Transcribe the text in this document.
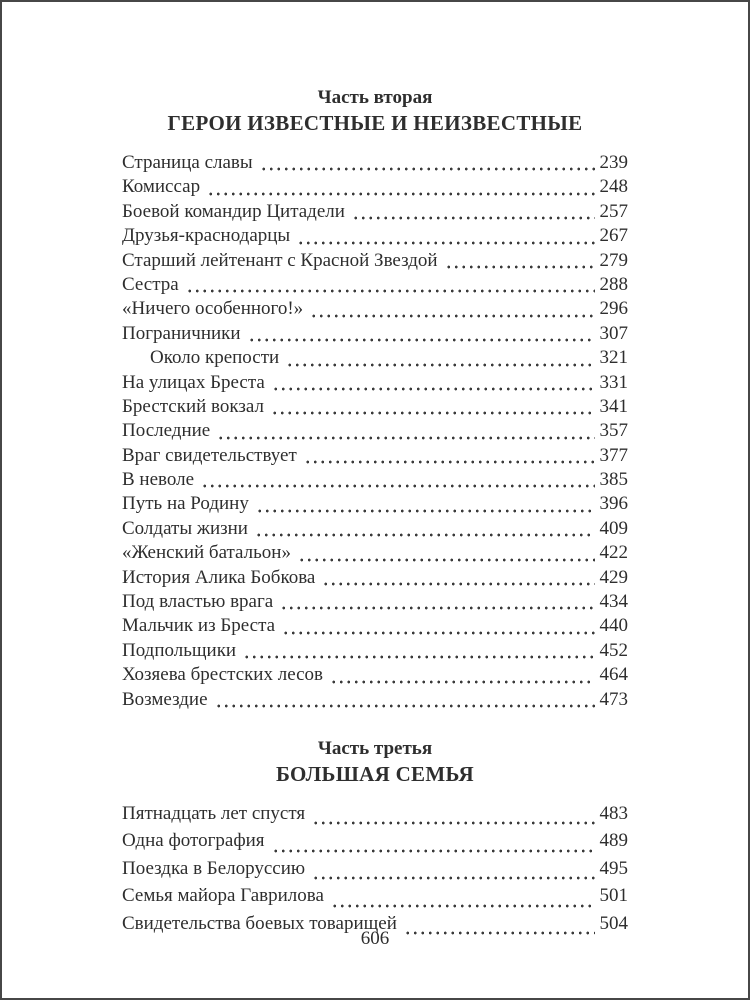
Часть вторая
ГЕРОИ ИЗВЕСТНЫЕ И НЕИЗВЕСТНЫЕ
Страница славы	239
Комиссар	248
Боевой командир Цитадели	257
Друзья-краснодарцы	267
Старший лейтенант с Красной Звездой	279
Сестра	288
«Ничего особенного!»	296
Пограничники	307
Около крепости	321
На улицах Бреста	331
Брестский вокзал	341
Последние	357
Враг свидетельствует	377
В неволе	385
Путь на Родину	396
Солдаты жизни	409
«Женский батальон»	422
История Алика Бобкова	429
Под властью врага	434
Мальчик из Бреста	440
Подпольщики	452
Хозяева брестских лесов	464
Возмездие	473
Часть третья
БОЛЬШАЯ СЕМЬЯ
Пятнадцать лет спустя	483
Одна фотография	489
Поездка в Белоруссию	495
Семья майора Гаврилова	501
Свидетельства боевых товарищей	504
606
